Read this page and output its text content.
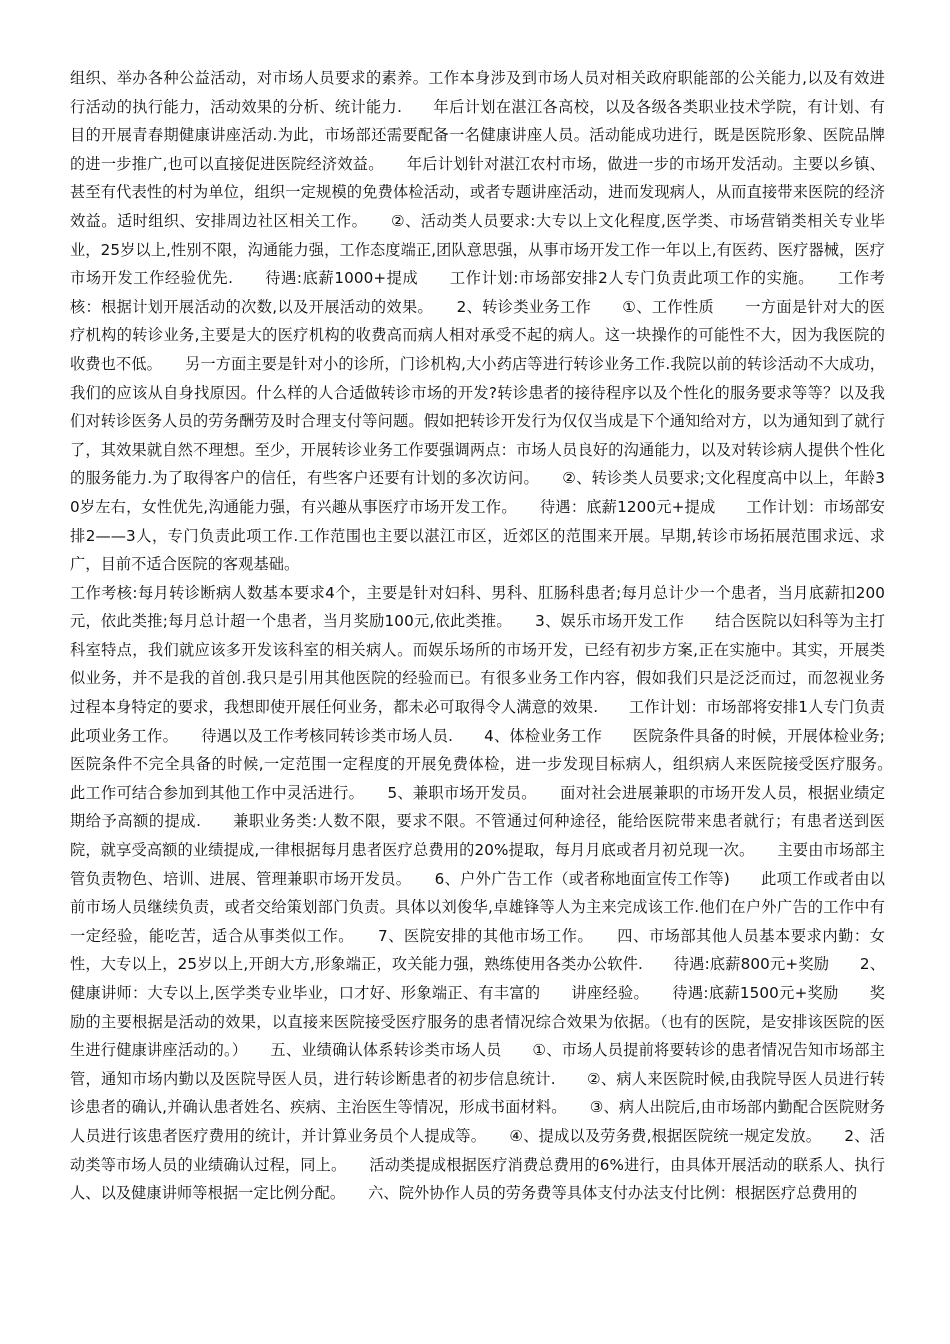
组织、举办各种公益活动，对市场人员要求的素养。工作本身涉及到市场人员对相关政府职能部的公关能力,以及有效进行活动的执行能力，活动效果的分析、统计能力.　　年后计划在湛江各高校，以及各级各类职业技术学院，有计划、有目的开展青春期健康讲座活动.为此，市场部还需要配备一名健康讲座人员。活动能成功进行，既是医院形象、医院品牌的进一步推广,也可以直接促进医院经济效益。　　年后计划针对湛江农村市场，做进一步的市场开发活动。主要以乡镇、甚至有代表性的村为单位，组织一定规模的免费体检活动，或者专题讲座活动，进而发现病人，从而直接带来医院的经济效益。适时组织、安排周边社区相关工作。　　②、活动类人员要求:大专以上文化程度,医学类、市场营销类相关专业毕业，25岁以上,性别不限，沟通能力强，工作态度端正,团队意思强，从事市场开发工作一年以上,有医药、医疗器械，医疗市场开发工作经验优先.　　待遇:底薪1000+提成　　工作计划:市场部安排2人专门负责此项工作的实施。　　工作考核：根据计划开展活动的次数,以及开展活动的效果。　　2、转诊类业务工作　　①、工作性质　　一方面是针对大的医疗机构的转诊业务,主要是大的医疗机构的收费高而病人相对承受不起的病人。这一块操作的可能性不大，因为我医院的收费也不低。　　另一方面主要是针对小的诊所，门诊机构,大小药店等进行转诊业务工作.我院以前的转诊活动不大成功，我们的应该从自身找原因。什么样的人合适做转诊市场的开发?转诊患者的接待程序以及个性化的服务要求等等？以及我们对转诊医务人员的劳务酬劳及时合理支付等问题。假如把转诊开发行为仅仅当成是下个通知给对方，以为通知到了就行了，其效果就自然不理想。至少，开展转诊业务工作要强调两点：市场人员良好的沟通能力，以及对转诊病人提供个性化的服务能力.为了取得客户的信任，有些客户还要有计划的多次访问。　　②、转诊类人员要求;文化程度高中以上，年龄30岁左右，女性优先,沟通能力强，有兴趣从事医疗市场开发工作。　　待遇：底薪1200元+提成　　工作计划：市场部安排2——3人，专门负责此项工作.工作范围也主要以湛江市区，近郊区的范围来开展。早期,转诊市场拓展范围求远、求广，目前不适合医院的客观基础。

工作考核:每月转诊断病人数基本要求4个，主要是针对妇科、男科、肛肠科患者;每月总计少一个患者，当月底薪扣200元，依此类推;每月总计超一个患者，当月奖励100元,依此类推。　　3、娱乐市场开发工作　　结合医院以妇科等为主打科室特点，我们就应该多开发该科室的相关病人。而娱乐场所的市场开发，已经有初步方案,正在实施中。其实，开展类似业务，并不是我的首创.我只是引用其他医院的经验而已。有很多业务工作内容，假如我们只是泛泛而过，而忽视业务过程本身特定的要求，我想即使开展任何业务，都未必可取得令人满意的效果.　　工作计划：市场部将安排1人专门负责此项业务工作。　　待遇以及工作考核同转诊类市场人员.　　4、体检业务工作　　医院条件具备的时候，开展体检业务;医院条件不完全具备的时候,一定范围一定程度的开展免费体检，进一步发现目标病人，组织病人来医院接受医疗服务。　　此工作可结合参加到其他工作中灵活进行。　　5、兼职市场开发员。　　面对社会进展兼职的市场开发人员，根据业绩定期给予高额的提成.　　兼职业务类:人数不限，要求不限。不管通过何种途径，能给医院带来患者就行；有患者送到医院，就享受高额的业绩提成,一律根据每月患者医疗总费用的20%提取，每月月底或者月初兑现一次。　　主要由市场部主管负责物色、培训、进展、管理兼职市场开发员。　　6、户外广告工作（或者称地面宣传工作等)　　此项工作或者由以前市场人员继续负责，或者交给策划部门负责。具体以刘俊华,卓雄锋等人为主来完成该工作.他们在户外广告的工作中有一定经验，能吃苦，适合从事类似工作。　　7、医院安排的其他市场工作。　　四、市场部其他人员基本要求内勤：女性，大专以上，25岁以上,开朗大方,形象端正，攻关能力强，熟练使用各类办公软件.　　待遇:底薪800元+奖励　　2、健康讲师：大专以上,医学类专业毕业，口才好、形象端正、有丰富的　　讲座经验。　　待遇:底薪1500元+奖励　　奖励的主要根据是活动的效果，以直接来医院接受医疗服务的患者情况综合效果为依据。（也有的医院，是安排该医院的医生进行健康讲座活动的。）　　五、业绩确认体系转诊类市场人员　　①、市场人员提前将要转诊的患者情况告知市场部主管，通知市场内勤以及医院导医人员，进行转诊断患者的初步信息统计.　　②、病人来医院时候,由我院导医人员进行转诊患者的确认,并确认患者姓名、疾病、主治医生等情况，形成书面材料。　　③、病人出院后,由市场部内勤配合医院财务人员进行该患者医疗费用的统计，并计算业务员个人提成等。　　④、提成以及劳务费,根据医院统一规定发放。　　2、活动类等市场人员的业绩确认过程，同上。　　活动类提成根据医疗消费总费用的6%进行，由具体开展活动的联系人、执行人、以及健康讲师等根据一定比例分配。　　六、院外协作人员的劳务费等具体支付办法支付比例：根据医疗总费用的
